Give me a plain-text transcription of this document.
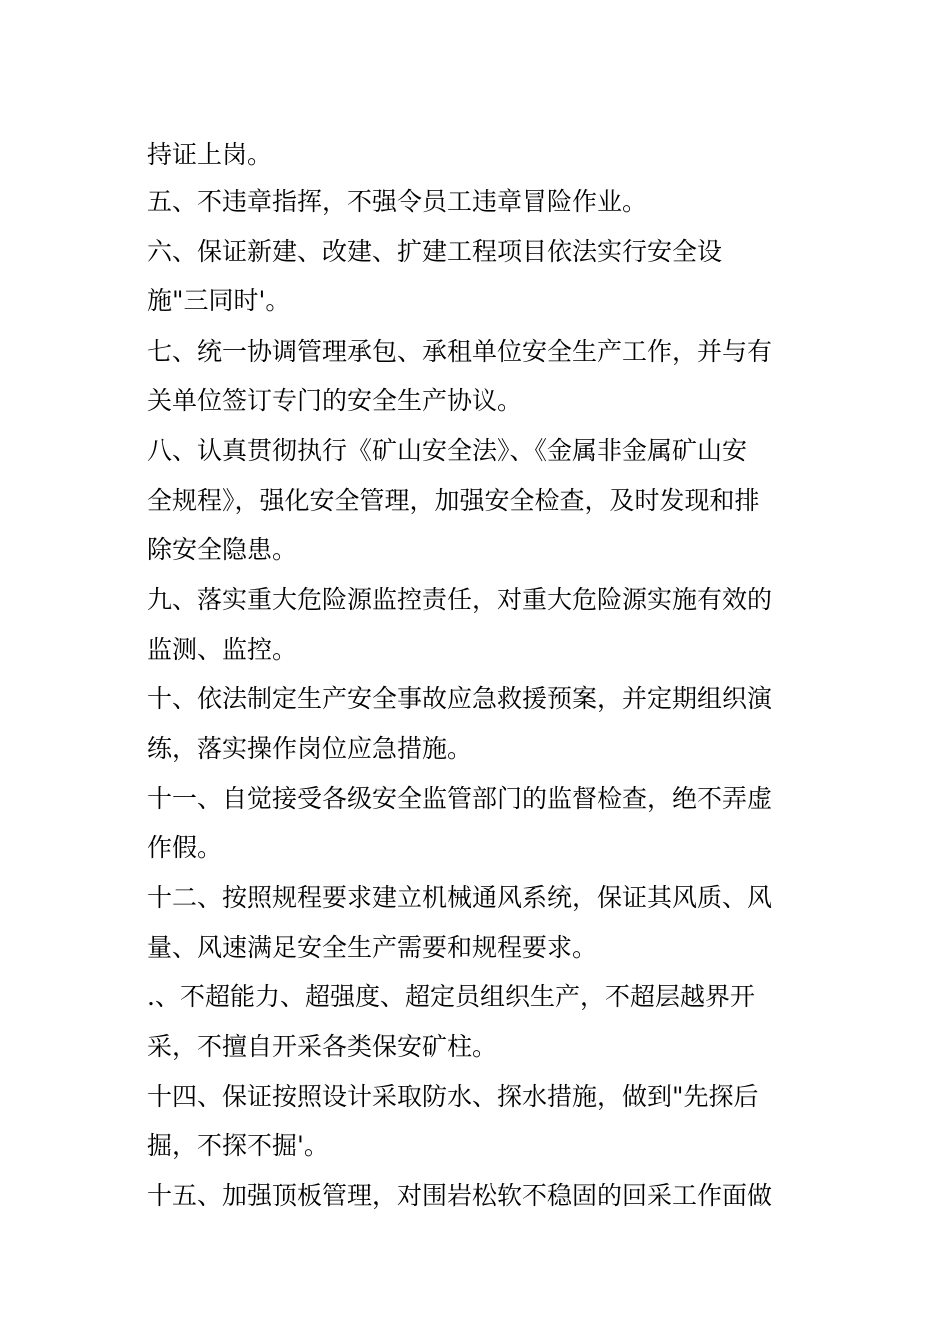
持证上岗。
五、不违章指挥，不强令员工违章冒险作业。
六、保证新建、改建、扩建工程项目依法实行安全设
施"三同时'。
七、统一协调管理承包、承租单位安全生产工作，并与有
关单位签订专门的安全生产协议。
八、认真贯彻执行《矿山安全法》、《金属非金属矿山安
全规程》，强化安全管理，加强安全检查，及时发现和排
除安全隐患。
九、落实重大危险源监控责任，对重大危险源实施有效的
监测、监控。
十、依法制定生产安全事故应急救援预案，并定期组织演
练，落实操作岗位应急措施。
十一、自觉接受各级安全监管部门的监督检查，绝不弄虚
作假。
十二、按照规程要求建立机械通风系统，保证其风质、风
量、风速满足安全生产需要和规程要求。
.、不超能力、超强度、超定员组织生产，不超层越界开
采，不擅自开采各类保安矿柱。
十四、保证按照设计采取防水、探水措施，做到"先探后
掘，不探不掘'。
十五、加强顶板管理，对围岩松软不稳固的回采工作面做
